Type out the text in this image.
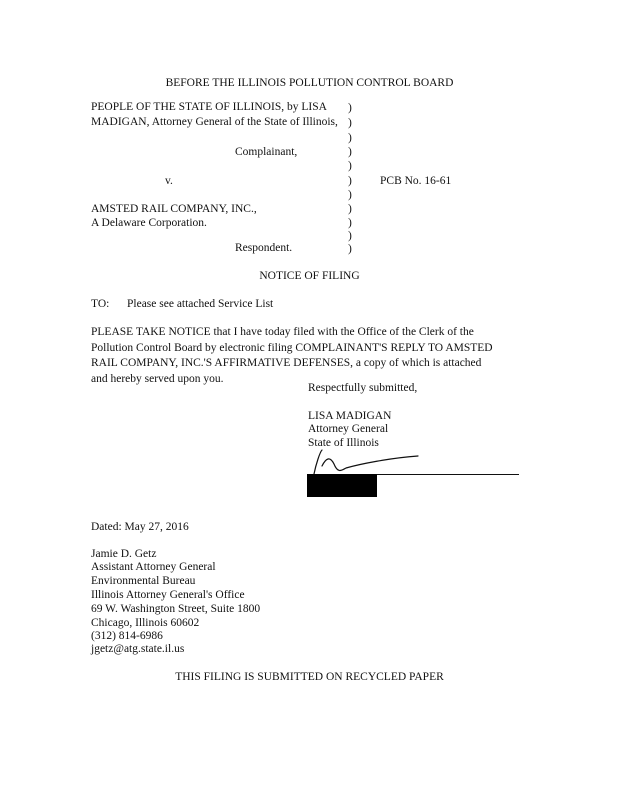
BEFORE THE ILLINOIS POLLUTION CONTROL BOARD
PEOPLE OF THE STATE OF ILLINOIS, by LISA
MADIGAN, Attorney General of the State of Illinois,
Complainant,
v.	PCB No. 16-61
AMSTED RAIL COMPANY, INC.,
A Delaware Corporation.
Respondent.
)
)
)
)
)
)
)
)
)
)
)
NOTICE OF FILING
TO: Please see attached Service List
PLEASE TAKE NOTICE that I have today filed with the Office of the Clerk of the
Pollution Control Board by electronic filing COMPLAINANT'S REPLY TO AMSTED
RAIL COMPANY, INC.'S AFFIRMATIVE DEFENSES, a copy of which is attached
and hereby served upon you.
Respectfully submitted,
LISA MADIGAN
Attorney General
State of Illinois
Dated: May 27, 2016
Jamie D. Getz
Assistant Attorney General
Environmental Bureau
Illinois Attorney General's Office
69 W. Washington Street, Suite 1800
Chicago, Illinois 60602
(312) 814-6986
jgetz@atg.state.il.us
THIS FILING IS SUBMITTED ON RECYCLED PAPER
